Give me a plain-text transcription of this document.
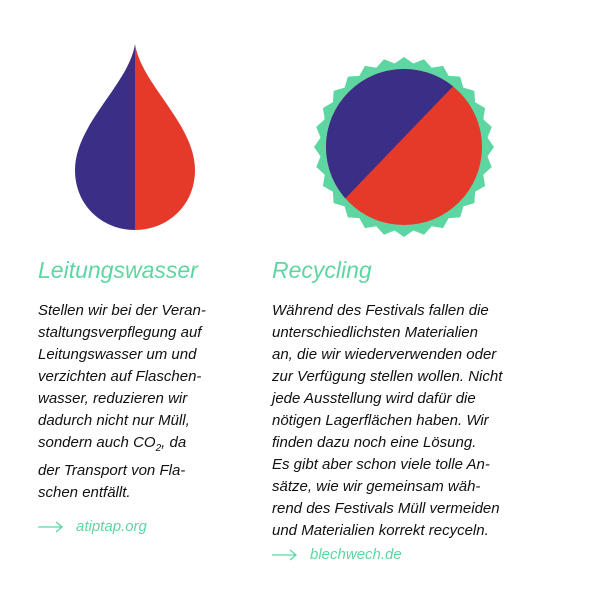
Leitungswasser

Stellen wir bei der Veran-
staltungsverpflegung auf
Leitungswasser um und
verzichten auf Flaschen-
wasser, reduzieren wir
dadurch nicht nur Müll,
sondern auch $CO_2$, da
der Transport von Fla-
schen entfällt.

atiptap.org
Recycling

Während des Festivals fallen die
unterschiedlichsten Materialien
an, die wir wiederverwenden oder
zur Verfügung stellen wollen. Nicht
jede Ausstellung wird dafür die
nötigen Lagerflächen haben. Wir
finden dazu noch eine Lösung.
Es gibt aber schon viele tolle An-
sätze, wie wir gemeinsam wäh-
rend des Festivals Müll vermeiden
und Materialien korrekt recyceln.

blechwech.de
